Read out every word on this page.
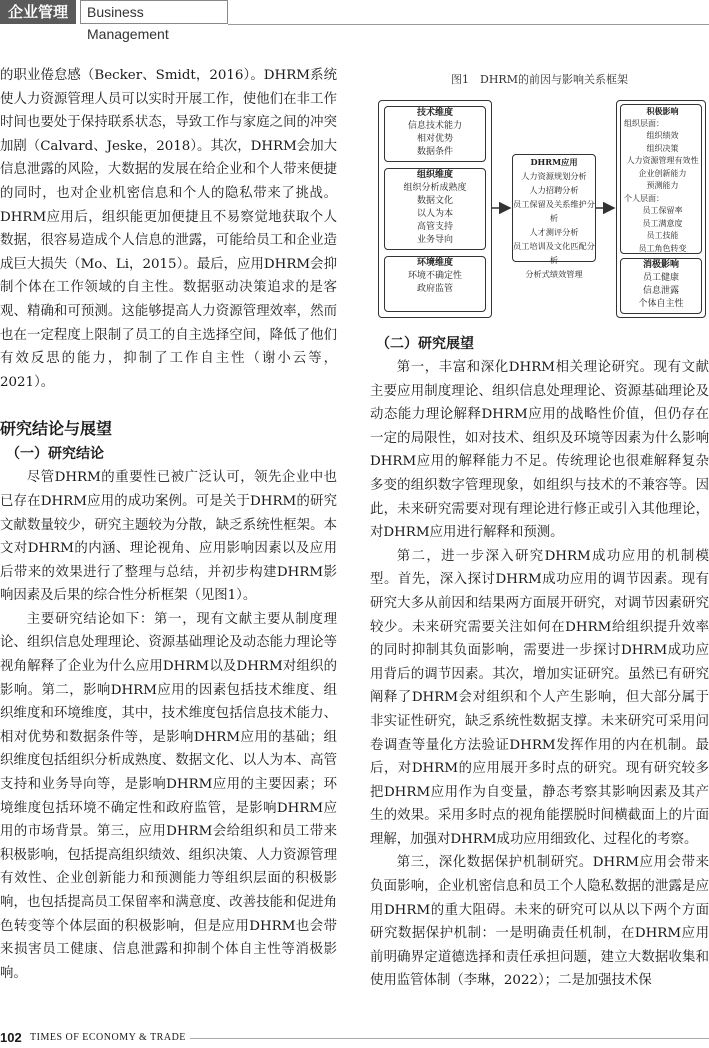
企业管理	Business Management

的职业倦怠感（Becker、Smidt，2016）。DHRM系统使人力资源管理人员可以实时开展工作，使他们在非工作时间也要处于保持联系状态，导致工作与家庭之间的冲突加剧（Calvard、Jeske，2018）。其次，DHRM会加大信息泄露的风险，大数据的发展在给企业和个人带来便捷的同时，也对企业机密信息和个人的隐私带来了挑战。DHRM应用后，组织能更加便捷且不易察觉地获取个人数据，很容易造成个人信息的泄露，可能给员工和企业造成巨大损失（Mo、Li，2015）。最后，应用DHRM会抑制个体在工作领域的自主性。数据驱动决策追求的是客观、精确和可预测。这能够提高人力资源管理效率，然而也在一定程度上限制了员工的自主选择空间，降低了他们有效反思的能力，抑制了工作自主性（谢小云等，2021）。

研究结论与展望
（一）研究结论

尽管DHRM的重要性已被广泛认可，领先企业中也已存在DHRM应用的成功案例。可是关于DHRM的研究文献数量较少，研究主题较为分散，缺乏系统性框架。本文对DHRM的内涵、理论视角、应用影响因素以及应用后带来的效果进行了整理与总结，并初步构建DHRM影响因素及后果的综合性分析框架（见图1）。

主要研究结论如下：第一，现有文献主要从制度理论、组织信息处理理论、资源基础理论及动态能力理论等视角解释了企业为什么应用DHRM以及DHRM对组织的影响。第二，影响DHRM应用的因素包括技术维度、组织维度和环境维度，其中，技术维度包括信息技术能力、相对优势和数据条件等，是影响DHRM应用的基础；组织维度包括组织分析成熟度、数据文化、以人为本、高管支持和业务导向等，是影响DHRM应用的主要因素；环境维度包括环境不确定性和政府监管，是影响DHRM应用的市场背景。第三，应用DHRM会给组织和员工带来积极影响，包括提高组织绩效、组织决策、人力资源管理有效性、企业创新能力和预测能力等组织层面的积极影响，也包括提高员工保留率和满意度、改善技能和促进角色转变等个体层面的积极影响，但是应用DHRM也会带来损害员工健康、信息泄露和抑制个体自主性等消极影响。

图1　DHRM的前因与影响关系框架
技术维度
信息技术能力
相对优势
数据条件
组织维度
组织分析成熟度
数据文化
以人为本
高管支持
业务导向
环境维度
环境不确定性
政府监管
DHRM应用
人力资源规划分析
人力招聘分析
员工保留及关系维护分析
人才测评分析
员工培训及文化匹配分析
分析式绩效管理
积极影响
组织层面：
组织绩效
组织决策
人力资源管理有效性
企业创新能力
预测能力
个人层面：
员工保留率
员工满意度
员工技能
员工角色转变
消极影响
员工健康
信息泄露
个体自主性
（二）研究展望

第一，丰富和深化DHRM相关理论研究。现有文献主要应用制度理论、组织信息处理理论、资源基础理论及动态能力理论解释DHRM应用的战略性价值，但仍存在一定的局限性，如对技术、组织及环境等因素为什么影响DHRM应用的解释能力不足。传统理论也很难解释复杂多变的组织数字管理现象，如组织与技术的不兼容等。因此，未来研究需要对现有理论进行修正或引入其他理论，对DHRM应用进行解释和预测。

第二，进一步深入研究DHRM成功应用的机制模型。首先，深入探讨DHRM成功应用的调节因素。现有研究大多从前因和结果两方面展开研究，对调节因素研究较少。未来研究需要关注如何在DHRM给组织提升效率的同时抑制其负面影响，需要进一步探讨DHRM成功应用背后的调节因素。其次，增加实证研究。虽然已有研究阐释了DHRM会对组织和个人产生影响，但大部分属于非实证性研究，缺乏系统性数据支撑。未来研究可采用问卷调查等量化方法验证DHRM发挥作用的内在机制。最后，对DHRM的应用展开多时点的研究。现有研究较多把DHRM应用作为自变量，静态考察其影响因素及其产生的效果。采用多时点的视角能摆脱时间横截面上的片面理解，加强对DHRM成功应用细致化、过程化的考察。

第三，深化数据保护机制研究。DHRM应用会带来负面影响，企业机密信息和员工个人隐私数据的泄露是应用DHRM的重大阻碍。未来的研究可以从以下两个方面研究数据保护机制：一是明确责任机制，在DHRM应用前明确界定道德选择和责任承担问题，建立大数据收集和使用监管体制（李琳，2022）；二是加强技术保

102 TIMES OF ECONOMY & TRADE
